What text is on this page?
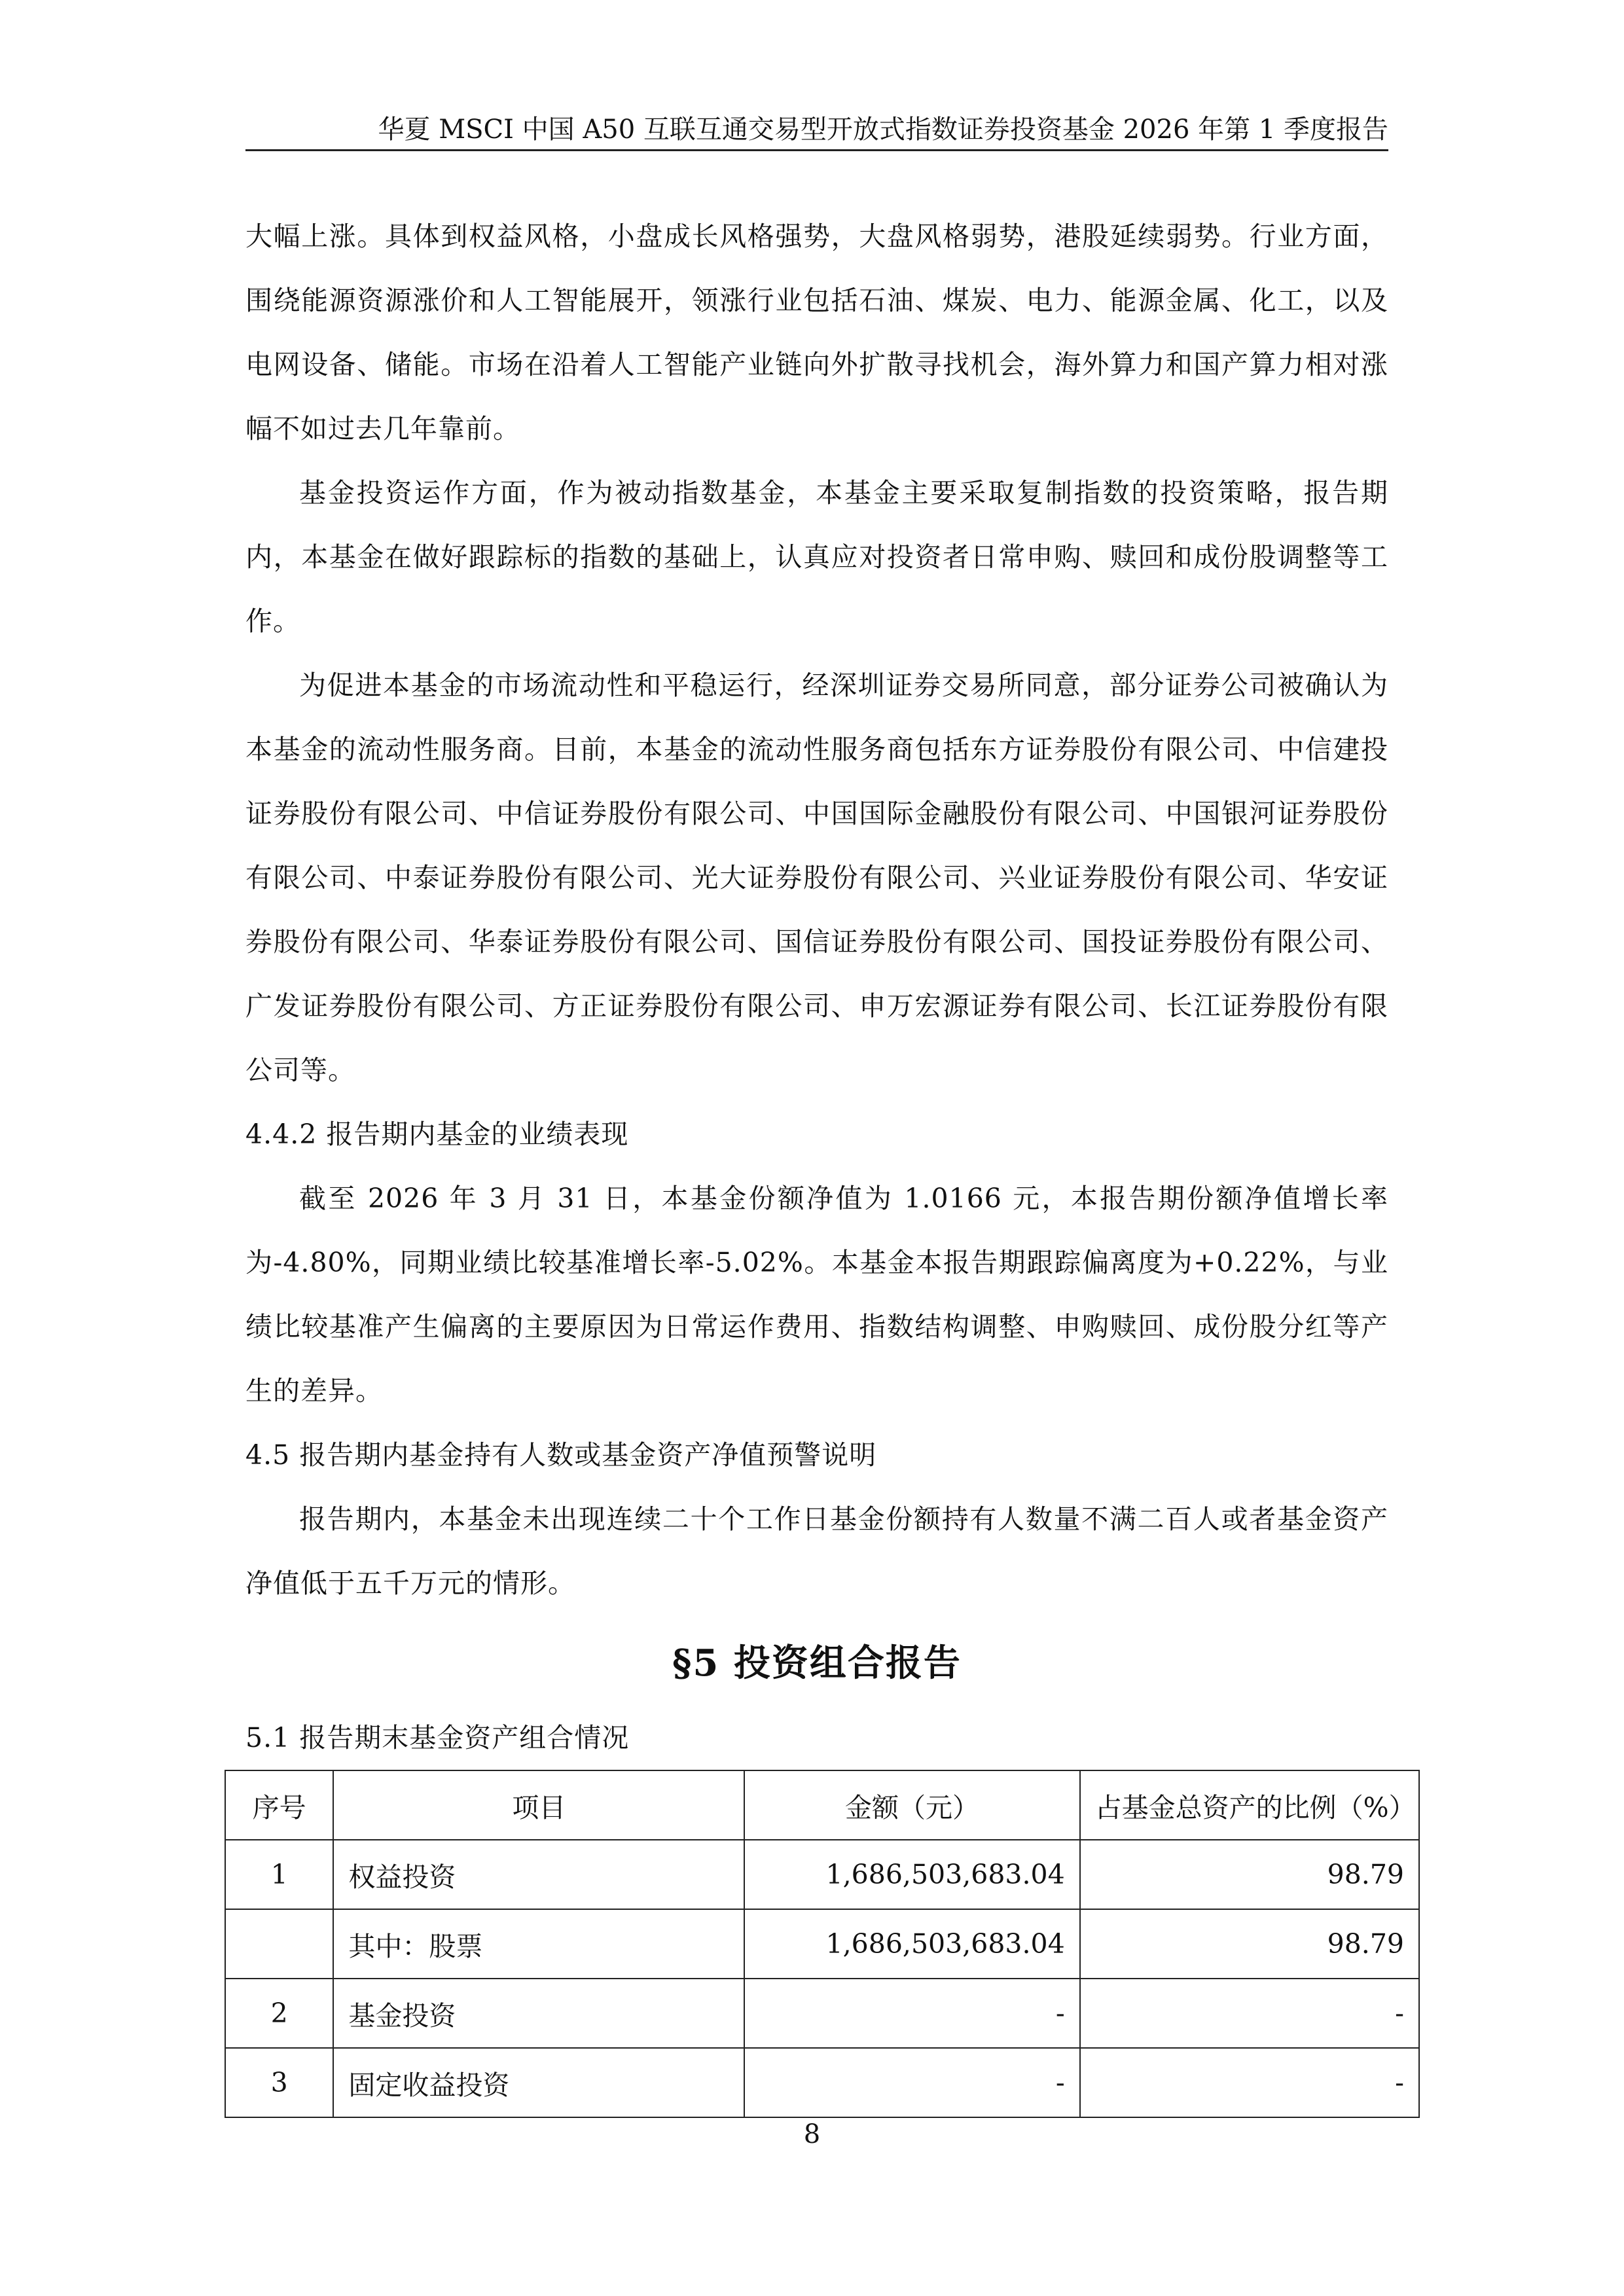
华夏 MSCI 中国 A50 互联互通交易型开放式指数证券投资基金 2026 年第 1 季度报告

大幅上涨。具体到权益风格，小盘成长风格强势，大盘风格弱势，港股延续弱势。行业方面，围绕能源资源涨价和人工智能展开，领涨行业包括石油、煤炭、电力、能源金属、化工，以及电网设备、储能。市场在沿着人工智能产业链向外扩散寻找机会，海外算力和国产算力相对涨幅不如过去几年靠前。

基金投资运作方面，作为被动指数基金，本基金主要采取复制指数的投资策略，报告期内，本基金在做好跟踪标的指数的基础上，认真应对投资者日常申购、赎回和成份股调整等工作。

为促进本基金的市场流动性和平稳运行，经深圳证券交易所同意，部分证券公司被确认为本基金的流动性服务商。目前，本基金的流动性服务商包括东方证券股份有限公司、中信建投证券股份有限公司、中信证券股份有限公司、中国国际金融股份有限公司、中国银河证券股份有限公司、中泰证券股份有限公司、光大证券股份有限公司、兴业证券股份有限公司、华安证券股份有限公司、华泰证券股份有限公司、国信证券股份有限公司、国投证券股份有限公司、广发证券股份有限公司、方正证券股份有限公司、申万宏源证券有限公司、长江证券股份有限公司等。

4.4.2 报告期内基金的业绩表现

截至 2026 年 3 月 31 日，本基金份额净值为 1.0166 元，本报告期份额净值增长率为-4.80%，同期业绩比较基准增长率-5.02%。本基金本报告期跟踪偏离度为+0.22%，与业绩比较基准产生偏离的主要原因为日常运作费用、指数结构调整、申购赎回、成份股分红等产生的差异。

4.5 报告期内基金持有人数或基金资产净值预警说明

报告期内，本基金未出现连续二十个工作日基金份额持有人数量不满二百人或者基金资产净值低于五千万元的情形。

§5 投资组合报告

5.1 报告期末基金资产组合情况

序号	项目	金额（元）	占基金总资产的比例（%）
1	权益投资	1,686,503,683.04	98.79
	其中：股票	1,686,503,683.04	98.79
2	基金投资	-	-
3	固定收益投资	-	-
8
